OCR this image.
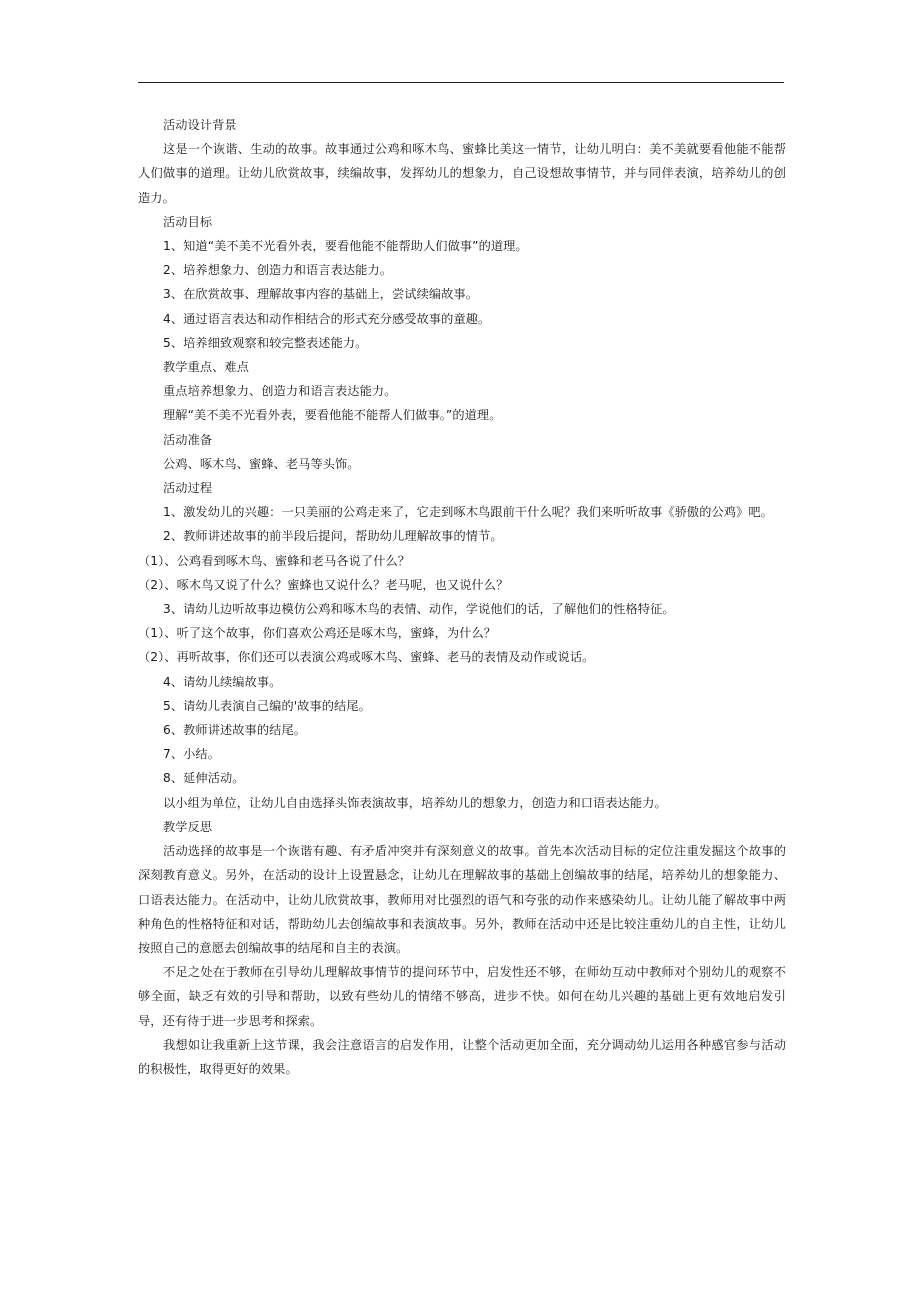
活动设计背景

这是一个诙谐、生动的故事。故事通过公鸡和啄木鸟、蜜蜂比美这一情节，让幼儿明白：美不美就要看他能不能帮人们做事的道理。让幼儿欣赏故事，续编故事，发挥幼儿的想象力，自己设想故事情节，并与同伴表演，培养幼儿的创造力。

活动目标

1、知道“美不美不光看外表，要看他能不能帮助人们做事”的道理。

2、培养想象力、创造力和语言表达能力。

3、在欣赏故事、理解故事内容的基础上，尝试续编故事。

4、通过语言表达和动作相结合的形式充分感受故事的童趣。

5、培养细致观察和较完整表述能力。

教学重点、难点

重点培养想象力、创造力和语言表达能力。

理解“美不美不光看外表，要看他能不能帮人们做事。”的道理。

活动准备

公鸡、啄木鸟、蜜蜂、老马等头饰。

活动过程

1、激发幼儿的兴趣：一只美丽的公鸡走来了，它走到啄木鸟跟前干什么呢？我们来听听故事《骄傲的公鸡》吧。

2、教师讲述故事的前半段后提问，帮助幼儿理解故事的情节。

（1）、公鸡看到啄木鸟、蜜蜂和老马各说了什么？

（2）、啄木鸟又说了什么？蜜蜂也又说什么？老马呢，也又说什么？

3、请幼儿边听故事边模仿公鸡和啄木鸟的表情、动作，学说他们的话，了解他们的性格特征。

（1）、听了这个故事，你们喜欢公鸡还是啄木鸟，蜜蜂，为什么？

（2）、再听故事，你们还可以表演公鸡或啄木鸟、蜜蜂、老马的表情及动作或说话。

4、请幼儿续编故事。

5、请幼儿表演自己编的'故事的结尾。

6、教师讲述故事的结尾。

7、小结。

8、延伸活动。

以小组为单位，让幼儿自由选择头饰表演故事，培养幼儿的想象力，创造力和口语表达能力。

教学反思

活动选择的故事是一个诙谐有趣、有矛盾冲突并有深刻意义的故事。首先本次活动目标的定位注重发掘这个故事的深刻教育意义。另外，在活动的设计上设置悬念，让幼儿在理解故事的基础上创编故事的结尾，培养幼儿的想象能力、口语表达能力。在活动中，让幼儿欣赏故事，教师用对比强烈的语气和夸张的动作来感染幼儿。让幼儿能了解故事中两种角色的性格特征和对话，帮助幼儿去创编故事和表演故事。另外，教师在活动中还是比较注重幼儿的自主性，让幼儿按照自己的意愿去创编故事的结尾和自主的表演。

不足之处在于教师在引导幼儿理解故事情节的提问环节中，启发性还不够，在师幼互动中教师对个别幼儿的观察不够全面，缺乏有效的引导和帮助，以致有些幼儿的情绪不够高，进步不快。如何在幼儿兴趣的基础上更有效地启发引导，还有待于进一步思考和探索。

我想如让我重新上这节课，我会注意语言的启发作用，让整个活动更加全面，充分调动幼儿运用各种感官参与活动的积极性，取得更好的效果。
